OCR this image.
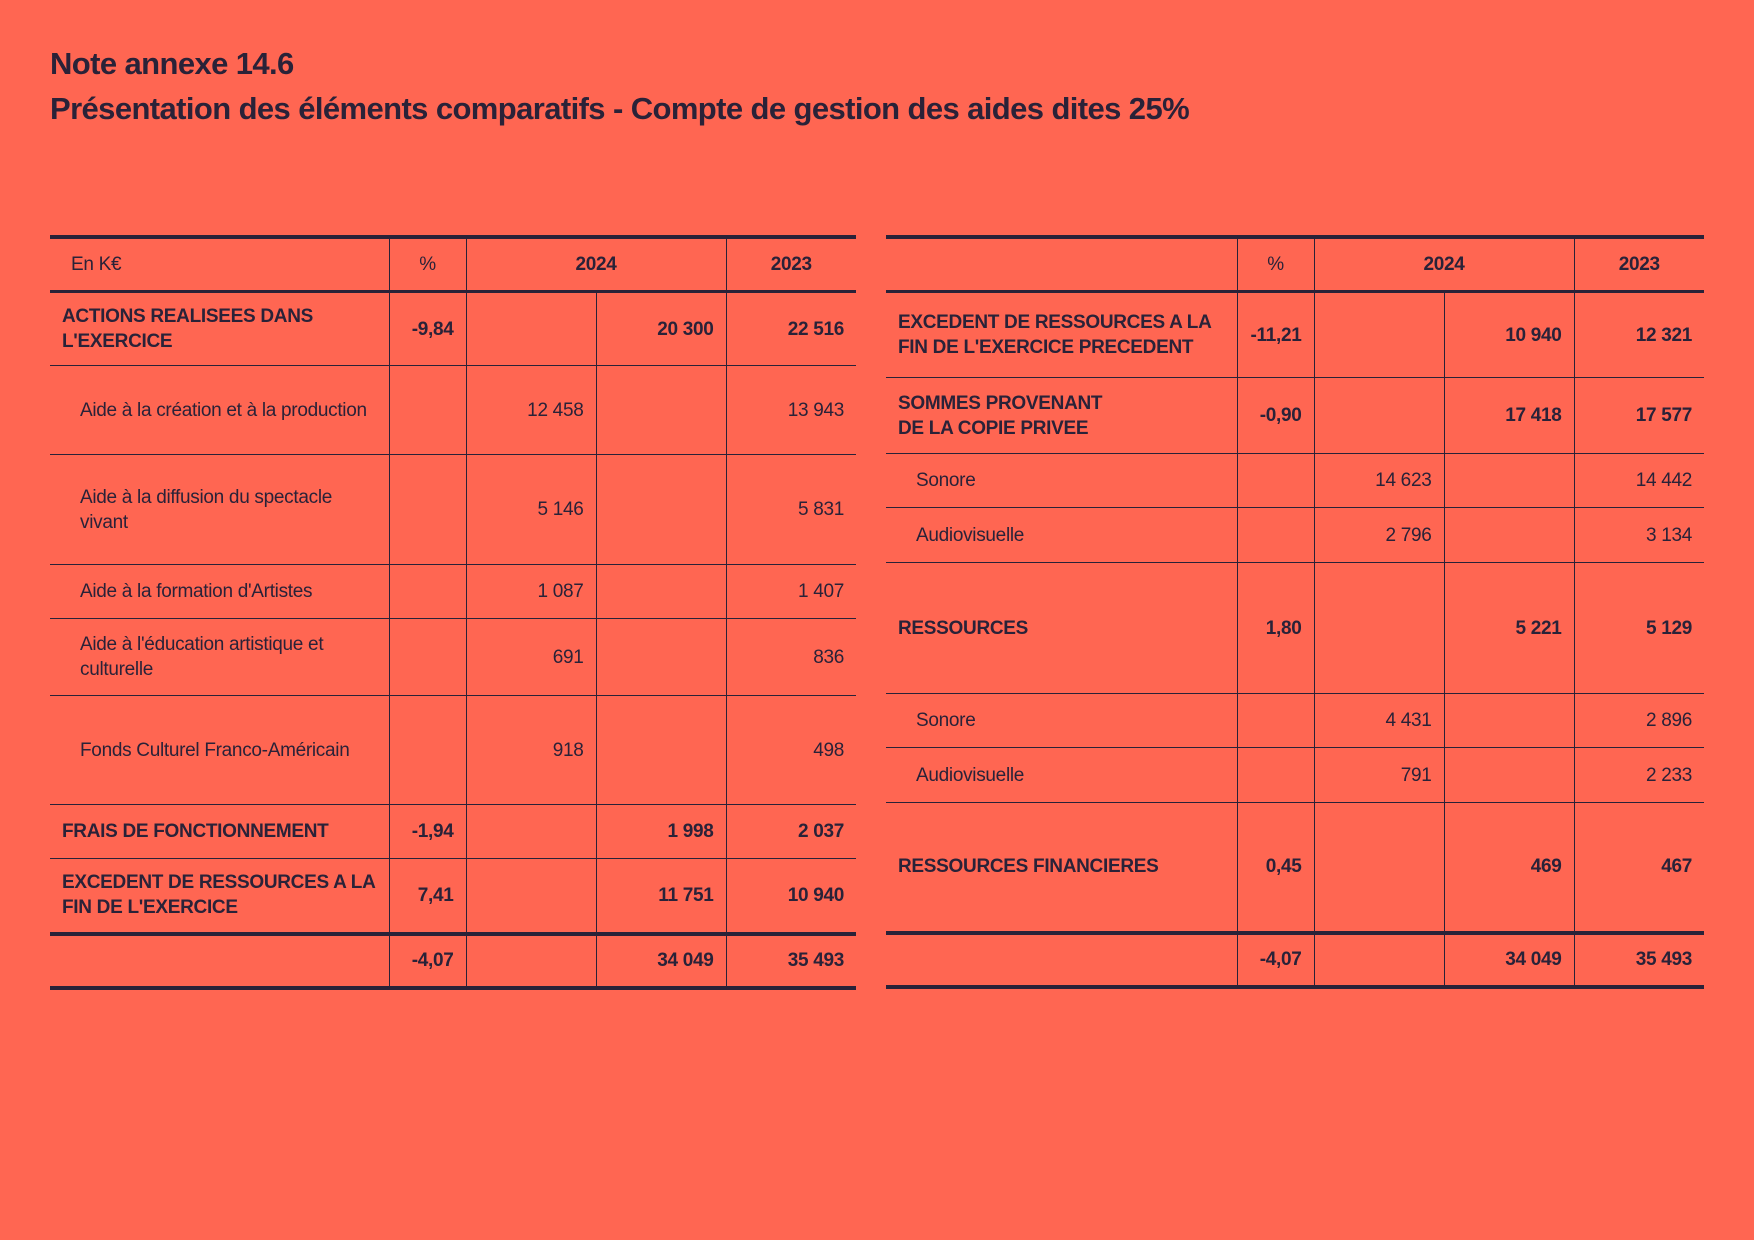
Note annexe 14.6
Présentation des éléments comparatifs - Compte de gestion des aides dites 25%
En K€	%	2024		2023
ACTIONS REALISEES DANS L'EXERCICE	-9,84		20 300	22 516
Aide à la création et à la production		12 458		13 943
Aide à la diffusion du spectacle vivant		5 146		5 831
Aide à la formation d'Artistes		1 087		1 407
Aide à l'éducation artistique et culturelle		691		836
Fonds Culturel Franco-Américain		918		498
FRAIS DE FONCTIONNEMENT	-1,94		1 998	2 037
EXCEDENT DE RESSOURCES A LA FIN DE L'EXERCICE	7,41		11 751	10 940
	-4,07		34 049	35 493
	%	2024		2023
EXCEDENT DE RESSOURCES A LA FIN DE L'EXERCICE PRECEDENT	-11,21		10 940	12 321

SOMMES PROVENANT
DE LA COPIE PRIVEE	-0,90		17 418	17 577
Sonore		14 623		14 442
Audiovisuelle		2 796		3 134
RESSOURCES	1,80		5 221	5 129
Sonore		4 431		2 896
Audiovisuelle		791		2 233
RESSOURCES FINANCIERES	0,45		469	467
	-4,07		34 049	35 493
